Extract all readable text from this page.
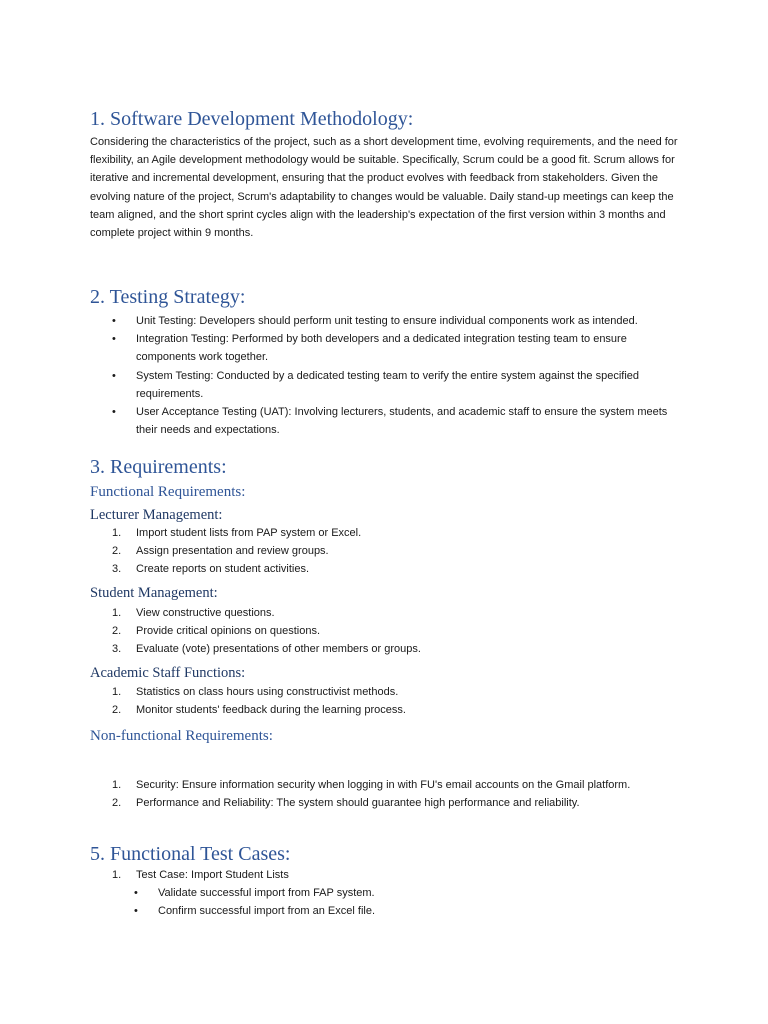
1. Software Development Methodology:

Considering the characteristics of the project, such as a short development time, evolving requirements, and the need for flexibility, an Agile development methodology would be suitable. Specifically, Scrum could be a good fit. Scrum allows for iterative and incremental development, ensuring that the product evolves with feedback from stakeholders. Given the evolving nature of the project, Scrum's adaptability to changes would be valuable. Daily stand-up meetings can keep the team aligned, and the short sprint cycles align with the leadership's expectation of the first version within 3 months and complete project within 9 months.

2. Testing Strategy:
• Unit Testing: Developers should perform unit testing to ensure individual components work as intended.
• Integration Testing: Performed by both developers and a dedicated integration testing team to ensure components work together.
• System Testing: Conducted by a dedicated testing team to verify the entire system against the specified requirements.
• User Acceptance Testing (UAT): Involving lecturers, students, and academic staff to ensure the system meets their needs and expectations.
3. Requirements:
Functional Requirements:
Lecturer Management:
1. Import student lists from PAP system or Excel.
2. Assign presentation and review groups.
3. Create reports on student activities.
Student Management:
1. View constructive questions.
2. Provide critical opinions on questions.
3. Evaluate (vote) presentations of other members or groups.
Academic Staff Functions:
1. Statistics on class hours using constructivist methods.
2. Monitor students' feedback during the learning process.
Non-functional Requirements:
1. Security: Ensure information security when logging in with FU's email accounts on the Gmail platform.
2. Performance and Reliability: The system should guarantee high performance and reliability.
5. Functional Test Cases:
1. Test Case: Import Student Lists
• Validate successful import from FAP system.
• Confirm successful import from an Excel file.
